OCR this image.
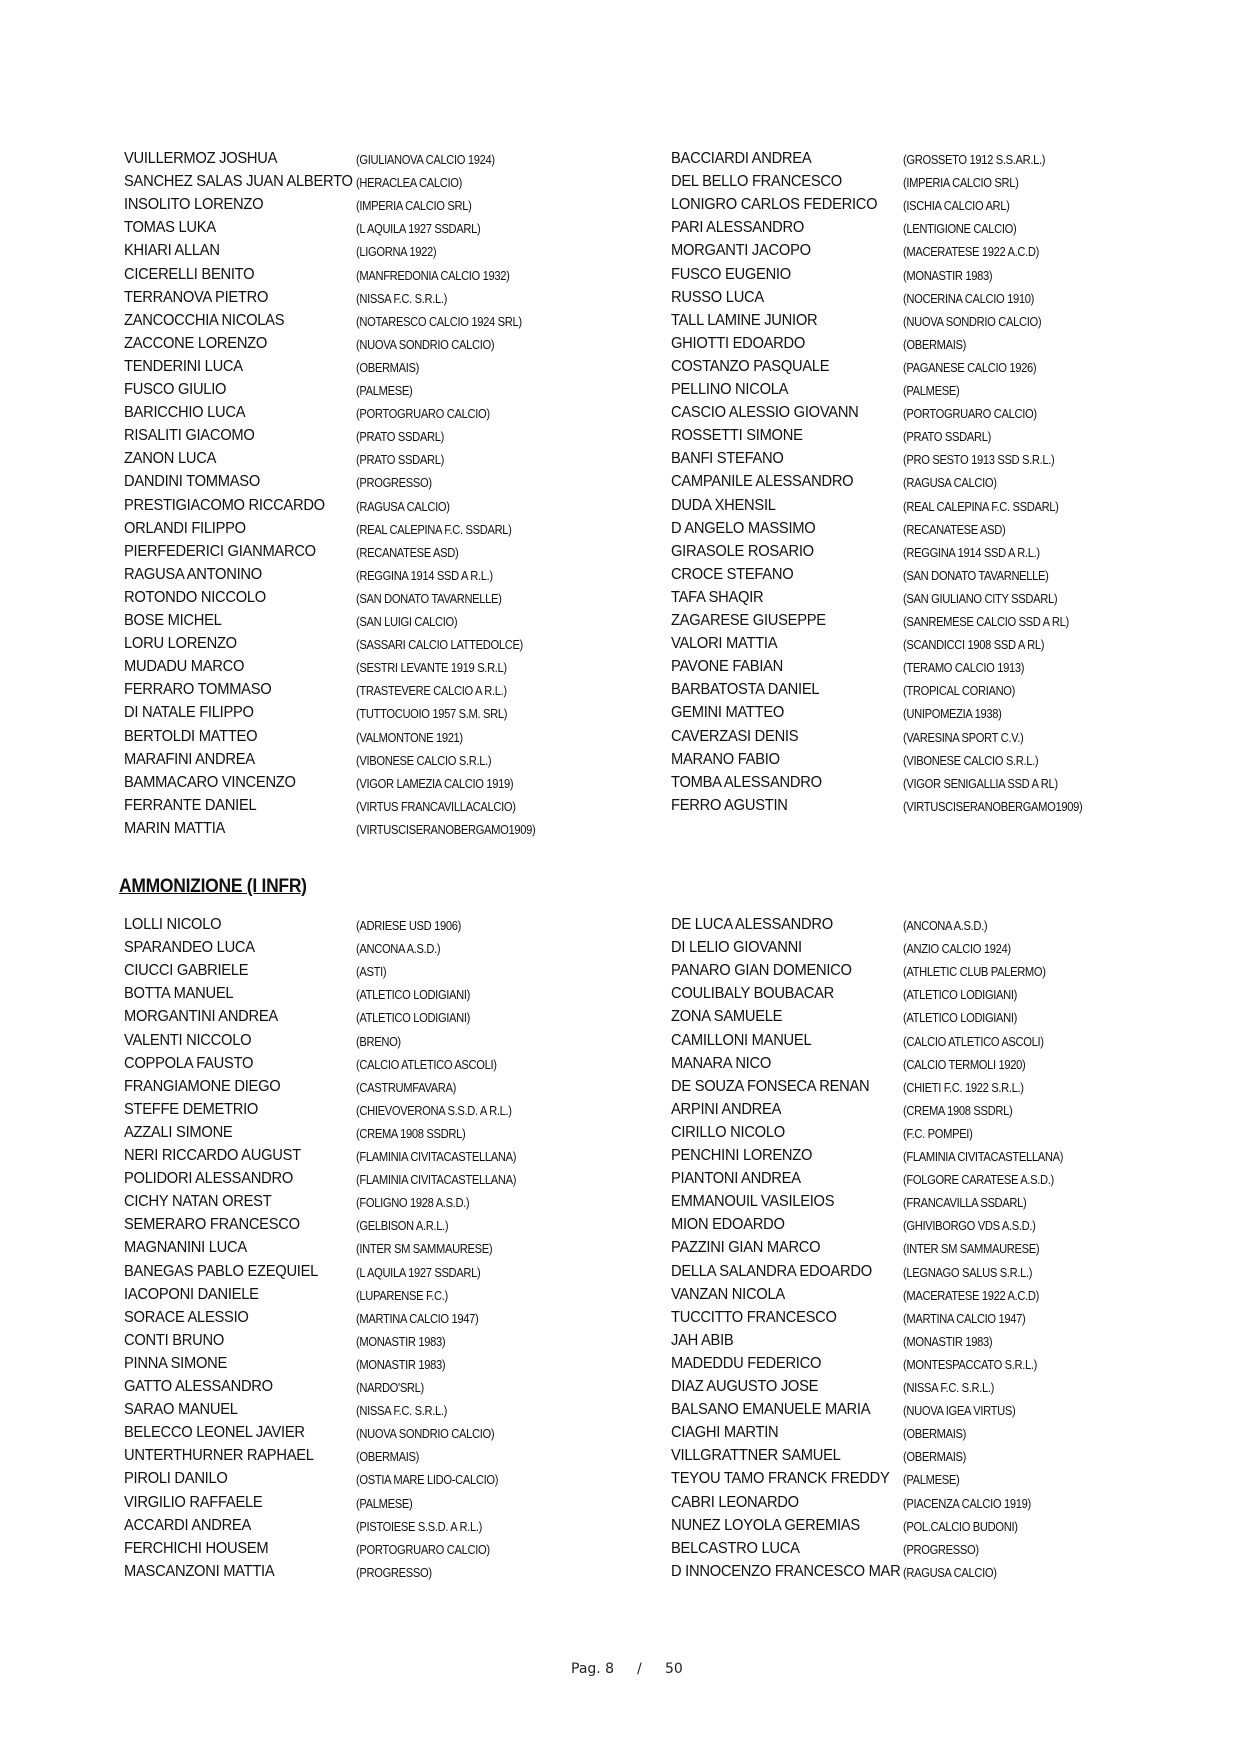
VUILLERMOZ JOSHUA	(GIULIANOVA CALCIO 1924)	BACCIARDI ANDREA	(GROSSETO 1912 S.S.AR.L.)
SANCHEZ SALAS JUAN ALBERTO (HERACLEA CALCIO)	DEL BELLO FRANCESCO	(IMPERIA CALCIO SRL)
INSOLITO LORENZO	(IMPERIA CALCIO SRL)	LONIGRO CARLOS FEDERICO (ISCHIA CALCIO ARL)
TOMAS LUKA	(L AQUILA 1927 SSDARL)	PARI ALESSANDRO	(LENTIGIONE CALCIO)
KHIARI ALLAN	(LIGORNA 1922)	MORGANTI JACOPO	(MACERATESE 1922 A.C.D)
CICERELLI BENITO	(MANFREDONIA CALCIO 1932)	FUSCO EUGENIO	(MONASTIR 1983)
TERRANOVA PIETRO	(NISSA F.C. S.R.L.)	RUSSO LUCA	(NOCERINA CALCIO 1910)
ZANCOCCHIA NICOLAS	(NOTARESCO CALCIO 1924 SRL)	TALL LAMINE JUNIOR	(NUOVA SONDRIO CALCIO)
ZACCONE LORENZO	(NUOVA SONDRIO CALCIO)	GHIOTTI EDOARDO	(OBERMAIS)
TENDERINI LUCA	(OBERMAIS)	COSTANZO PASQUALE	(PAGANESE CALCIO 1926)
FUSCO GIULIO	(PALMESE)	PELLINO NICOLA	(PALMESE)
BARICCHIO LUCA	(PORTOGRUARO CALCIO)	CASCIO ALESSIO GIOVANN	(PORTOGRUARO CALCIO)
RISALITI GIACOMO	(PRATO SSDARL)	ROSSETTI SIMONE	(PRATO SSDARL)
ZANON LUCA	(PRATO SSDARL)	BANFI STEFANO	(PRO SESTO 1913 SSD S.R.L.)
DANDINI TOMMASO	(PROGRESSO)	CAMPANILE ALESSANDRO	(RAGUSA CALCIO)
PRESTIGIACOMO RICCARDO (RAGUSA CALCIO)	DUDA XHENSIL	(REAL CALEPINA F.C. SSDARL)
ORLANDI FILIPPO	(REAL CALEPINA F.C. SSDARL)	D ANGELO MASSIMO	(RECANATESE ASD)
PIERFEDERICI GIANMARCO	(RECANATESE ASD)	GIRASOLE ROSARIO	(REGGINA 1914 SSD A R.L.)
RAGUSA ANTONINO	(REGGINA 1914 SSD A R.L.)	CROCE STEFANO	(SAN DONATO TAVARNELLE)
ROTONDO NICCOLO	(SAN DONATO TAVARNELLE)	TAFA SHAQIR	(SAN GIULIANO CITY SSDARL)
BOSE MICHEL	(SAN LUIGI CALCIO)	ZAGARESE GIUSEPPE	(SANREMESE CALCIO SSD A RL)
LORU LORENZO	(SASSARI CALCIO LATTEDOLCE)	VALORI MATTIA	(SCANDICCI 1908 SSD A RL)
MUDADU MARCO	(SESTRI LEVANTE 1919 S.R.L)	PAVONE FABIAN	(TERAMO CALCIO 1913)
FERRARO TOMMASO	(TRASTEVERE CALCIO A R.L.)	BARBATOSTA DANIEL	(TROPICAL CORIANO)
DI NATALE FILIPPO	(TUTTOCUOIO 1957 S.M. SRL)	GEMINI MATTEO	(UNIPOMEZIA 1938)
BERTOLDI MATTEO	(VALMONTONE 1921)	CAVERZASI DENIS	(VARESINA SPORT C.V.)
MARAFINI ANDREA	(VIBONESE CALCIO S.R.L.)	MARANO FABIO	(VIBONESE CALCIO S.R.L.)
BAMMACARO VINCENZO	(VIGOR LAMEZIA CALCIO 1919)	TOMBA ALESSANDRO	(VIGOR SENIGALLIA SSD A RL)
FERRANTE DANIEL	(VIRTUS FRANCAVILLACALCIO)	FERRO AGUSTIN	(VIRTUSCISERANOBERGAMO1909)
MARIN MATTIA	(VIRTUSCISERANOBERGAMO1909)
AMMONIZIONE (I INFR)
LOLLI NICOLO	(ADRIESE USD 1906)	DE LUCA ALESSANDRO	(ANCONA A.S.D.)
SPARANDEO LUCA	(ANCONA A.S.D.)	DI LELIO GIOVANNI	(ANZIO CALCIO 1924)
CIUCCI GABRIELE	(ASTI)	PANARO GIAN DOMENICO	(ATHLETIC CLUB PALERMO)
BOTTA MANUEL	(ATLETICO LODIGIANI)	COULIBALY BOUBACAR	(ATLETICO LODIGIANI)
MORGANTINI ANDREA	(ATLETICO LODIGIANI)	ZONA SAMUELE	(ATLETICO LODIGIANI)
VALENTI NICCOLO	(BRENO)	CAMILLONI MANUEL	(CALCIO ATLETICO ASCOLI)
COPPOLA FAUSTO	(CALCIO ATLETICO ASCOLI)	MANARA NICO	(CALCIO TERMOLI 1920)
FRANGIAMONE DIEGO	(CASTRUMFAVARA)	DE SOUZA FONSECA RENAN	(CHIETI F.C. 1922 S.R.L.)
STEFFE DEMETRIO	(CHIEVOVERONA S.S.D. A R.L.)	ARPINI ANDREA	(CREMA 1908 SSDRL)
AZZALI SIMONE	(CREMA 1908 SSDRL)	CIRILLO NICOLO	(F.C. POMPEI)
NERI RICCARDO AUGUST	(FLAMINIA CIVITACASTELLANA)	PENCHINI LORENZO	(FLAMINIA CIVITACASTELLANA)
POLIDORI ALESSANDRO	(FLAMINIA CIVITACASTELLANA)	PIANTONI ANDREA	(FOLGORE CARATESE A.S.D.)
CICHY NATAN OREST	(FOLIGNO 1928 A.S.D.)	EMMANOUIL VASILEIOS	(FRANCAVILLA SSDARL)
SEMERARO FRANCESCO	(GELBISON A.R.L.)	MION EDOARDO	(GHIVIBORGO VDS A.S.D.)
MAGNANINI LUCA	(INTER SM SAMMAURESE)	PAZZINI GIAN MARCO	(INTER SM SAMMAURESE)
BANEGAS PABLO EZEQUIEL	(L AQUILA 1927 SSDARL)	DELLA SALANDRA EDOARDO (LEGNAGO SALUS S.R.L.)
IACOPONI DANIELE	(LUPARENSE F.C.)	VANZAN NICOLA	(MACERATESE 1922 A.C.D)
SORACE ALESSIO	(MARTINA CALCIO 1947)	TUCCITTO FRANCESCO	(MARTINA CALCIO 1947)
CONTI BRUNO	(MONASTIR 1983)	JAH ABIB	(MONASTIR 1983)
PINNA SIMONE	(MONASTIR 1983)	MADEDDU FEDERICO	(MONTESPACCATO S.R.L.)
GATTO ALESSANDRO	(NARDO'SRL)	DIAZ AUGUSTO JOSE	(NISSA F.C. S.R.L.)
SARAO MANUEL	(NISSA F.C. S.R.L.)	BALSANO EMANUELE MARIA	(NUOVA IGEA VIRTUS)
BELECCO LEONEL JAVIER	(NUOVA SONDRIO CALCIO)	CIAGHI MARTIN	(OBERMAIS)
UNTERTHURNER RAPHAEL	(OBERMAIS)	VILLGRATTNER SAMUEL	(OBERMAIS)
PIROLI DANILO	(OSTIA MARE LIDO-CALCIO)	TEYOU TAMO FRANCK FREDDY (PALMESE)
VIRGILIO RAFFAELE	(PALMESE)	CABRI LEONARDO	(PIACENZA CALCIO 1919)
ACCARDI ANDREA	(PISTOIESE S.S.D. A R.L.)	NUNEZ LOYOLA GEREMIAS	(POL.CALCIO BUDONI)
FERCHICHI HOUSEM	(PORTOGRUARO CALCIO)	BELCASTRO LUCA	(PROGRESSO)
MASCANZONI MATTIA	(PROGRESSO)	D INNOCENZO FRANCESCO MAR (RAGUSA CALCIO)
Pag. 8 / 50
